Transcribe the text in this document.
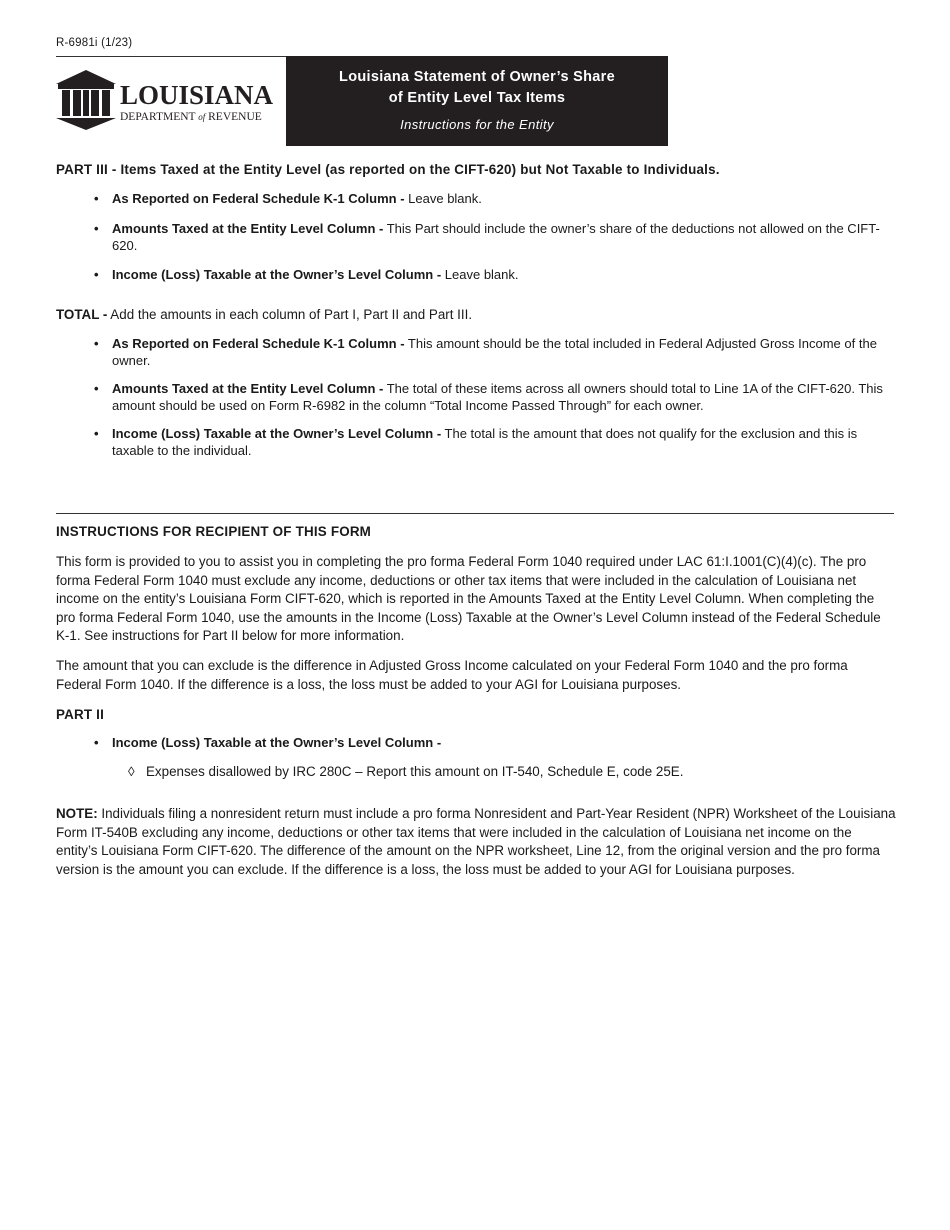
R-6981i (1/23)
LOUISIANA
DEPARTMENT of REVENUE
Louisiana Statement of Owner’s Share
of Entity Level Tax Items
Instructions for the Entity

PART III - Items Taxed at the Entity Level (as reported on the CIFT-620) but Not Taxable to Individuals.

• As Reported on Federal Schedule K-1 Column - Leave blank.
• Amounts Taxed at the Entity Level Column - This Part should include the owner’s share of the deductions not allowed on the CIFT-620.
• Income (Loss) Taxable at the Owner’s Level Column - Leave blank.

TOTAL - Add the amounts in each column of Part I, Part II and Part III.

• As Reported on Federal Schedule K-1 Column - This amount should be the total included in Federal Adjusted Gross Income of the owner.
• Amounts Taxed at the Entity Level Column - The total of these items across all owners should total to Line 1A of the CIFT-620. This amount should be used on Form R-6982 in the column “Total Income Passed Through” for each owner.
• Income (Loss) Taxable at the Owner’s Level Column - The total is the amount that does not qualify for the exclusion and this is taxable to the individual.

INSTRUCTIONS FOR RECIPIENT OF THIS FORM

This form is provided to you to assist you in completing the pro forma Federal Form 1040 required under LAC 61:I.1001(C)(4)(c). The pro forma Federal Form 1040 must exclude any income, deductions or other tax items that were included in the calculation of Louisiana net income on the entity’s Louisiana Form CIFT-620, which is reported in the Amounts Taxed at the Entity Level Column. When completing the pro forma Federal Form 1040, use the amounts in the Income (Loss) Taxable at the Owner’s Level Column instead of the Federal Schedule K-1. See instructions for Part II below for more information.

The amount that you can exclude is the difference in Adjusted Gross Income calculated on your Federal Form 1040 and the pro forma Federal Form 1040. If the difference is a loss, the loss must be added to your AGI for Louisiana purposes.

PART II

• Income (Loss) Taxable at the Owner’s Level Column -
◊ Expenses disallowed by IRC 280C – Report this amount on IT-540, Schedule E, code 25E.

NOTE: Individuals filing a nonresident return must include a pro forma Nonresident and Part-Year Resident (NPR) Worksheet of the Louisiana Form IT-540B excluding any income, deductions or other tax items that were included in the calculation of Louisiana net income on the entity’s Louisiana Form CIFT-620. The difference of the amount on the NPR worksheet, Line 12, from the original version and the pro forma version is the amount you can exclude. If the difference is a loss, the loss must be added to your AGI for Louisiana purposes.
